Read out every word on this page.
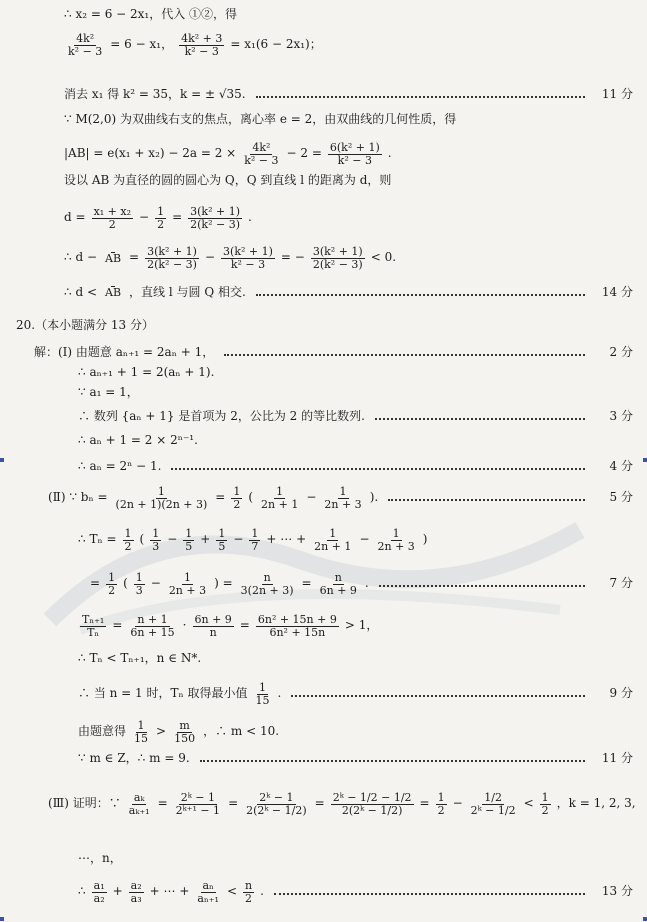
∴ x₂ = 6 − 2x₁，代入 ①②，得
$\frac{\text{4k²}}{\text{k² − 3}} = 6 - x_1$， $\frac{\text{4k² + 3}}{\text{k² − 3}} = x_1(6 - 2x_1)$；
消去 x₁ 得 k² = 35，k = ± √35.	11 分
∵ M(2,0) 为双曲线右支的焦点，离心率 e = 2，由双曲线的几何性质，得
$|AB| = e(x_1 + x_2) - 2a = 2 \times \frac{\text{4k²}}{\text{k² − 3}} - 2 = \frac{\text{6(k² + 1)}}{\text{k² − 3}}$ .
设以 AB 为直径的圆的圆心为 Q，Q 到直线 l 的距离为 d，则
$d = \frac{\text{x₁ + x₂}}{2} - \frac{1}{2} = \frac{\text{3(k² + 1)}}{\text{2(k² − 3)}}$ .
∴ d − AB = $\frac{\text{3(k² + 1)}}{\text{2(k² − 3)}} - \frac{\text{3(k² + 1)}}{\text{k² − 3}}$ = − $\frac{\text{3(k² + 1)}}{\text{2(k² − 3)}} < 0$.
∴ d < AB ，直线 l 与圆 Q 相交.	14 分
20.（本小题满分 13 分）
解：(Ⅰ) 由题意 aₙ₊₁ = 2aₙ + 1，	2 分
∴ aₙ₊₁ + 1 = 2(aₙ + 1).
∵ a₁ = 1，
∴ 数列 {aₙ + 1} 是首项为 2，公比为 2 的等比数列.	3 分
∴ aₙ + 1 = 2 × 2ⁿ⁻¹.
∴ aₙ = 2ⁿ − 1.	4 分
(Ⅱ) ∵ $b_n = \frac{1}{(2n + 1)(2n + 3)} = \frac{1}{2}$ ( $\frac{1}{2n + 1} - \frac{1}{2n + 3}$ ).	5 分
∴ $T_n = \frac{1}{2}$ ( $\frac{1}{3} - \frac{1}{5} + \frac{1}{5} - \frac{1}{7}$ + ⋯ + $\frac{1}{2n + 1} - \frac{1}{2n + 3}$ )
= $\frac{1}{2}$ ( $\frac{1}{3} - \frac{1}{2n + 3}$ ) = $\frac{n}{3(2n + 3)} = \frac{n}{6n + 9}$ .	7 分
$\frac{\text{Tₙ₊₁}}{\text{Tₙ}} = \frac{n + 1}{6n + 15} \cdot \frac{6n + 9}{n} = \frac{\text{6n² + 15n + 9}}{\text{6n² + 15n}} > 1$，
∴ Tₙ < Tₙ₊₁，n ∈ N*.
∴ 当 n = 1 时，Tₙ 取得最小值 $\frac{1}{15}$ .	9 分
由题意得 $\frac{1}{15} > \frac{m}{150}$ ，∴ m < 10.
∵ m ∈ Z，∴ m = 9.	11 分
(Ⅲ) 证明：∵ $\frac{\text{aₖ}}{\text{aₖ₊₁}} = \frac{\text{2ᵏ − 1}}{\text{2ᵏ⁺¹ − 1}} = \frac{\text{2ᵏ − 1}}{\text{2(2ᵏ − 1/2)}} = \frac{\text{2ᵏ − 1/2 − 1/2}}{\text{2(2ᵏ − 1/2)}} = \frac{1}{2} - \frac{1/2}{\text{2ᵏ − 1/2}} < \frac{1}{2}$ ，k = 1, 2, 3,
⋯，n，
∴ $\frac{\text{a₁}}{\text{a₂}} + \frac{\text{a₂}}{\text{a₃}}$ + ⋯ + $\frac{\text{aₙ}}{\text{aₙ₊₁}} < \frac{n}{2}$ .	13 分
